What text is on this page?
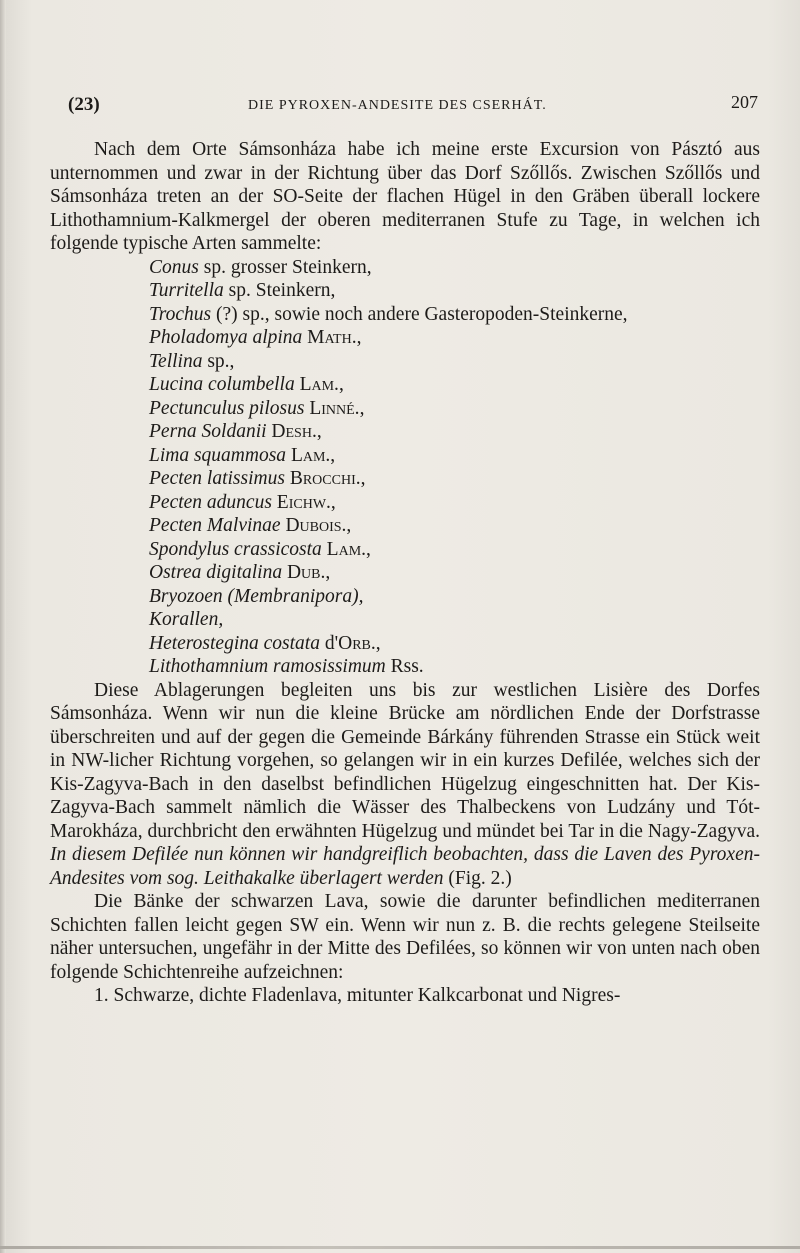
(23)	DIE PYROXEN-ANDESITE DES CSERHÁT.	207

Nach dem Orte Sámsonháza habe ich meine erste Excursion von Pásztó aus unternommen und zwar in der Richtung über das Dorf Szőllős. Zwischen Szőllős und Sámsonháza treten an der SO-Seite der flachen Hügel in den Gräben überall lockere Lithothamnium-Kalkmergel der oberen mediterranen Stufe zu Tage, in welchen ich folgende typische Arten sammelte:

Conus sp. grosser Steinkern,
Turritella sp. Steinkern,
Trochus (?) sp., sowie noch andere Gasteropoden-Steinkerne,
Pholadomya alpina Math.,
Tellina sp.,
Lucina columbella Lam.,
Pectunculus pilosus Linné.,
Perna Soldanii Desh.,
Lima squammosa Lam.,
Pecten latissimus Brocchi.,
Pecten aduncus Eichw.,
Pecten Malvinae Dubois.,
Spondylus crassicosta Lam.,
Ostrea digitalina Dub.,
Bryozoen (Membranipora),
Korallen,
Heterostegina costata d'Orb.,
Lithothamnium ramosissimum Rss.

Diese Ablagerungen begleiten uns bis zur westlichen Lisière des Dorfes Sámsonháza. Wenn wir nun die kleine Brücke am nördlichen Ende der Dorfstrasse überschreiten und auf der gegen die Gemeinde Bárkány führenden Strasse ein Stück weit in NW-licher Richtung vorgehen, so gelangen wir in ein kurzes Defilée, welches sich der Kis-Zagyva-Bach in den daselbst befindlichen Hügelzug eingeschnitten hat. Der Kis-Zagyva-Bach sammelt nämlich die Wässer des Thalbeckens von Ludzány und Tót-Marokháza, durchbricht den erwähnten Hügelzug und mündet bei Tar in die Nagy-Zagyva. In diesem Defilée nun können wir handgreiflich beobachten, dass die Laven des Pyroxen-Andesites vom sog. Leithakalke überlagert werden (Fig. 2.)

Die Bänke der schwarzen Lava, sowie die darunter befindlichen mediterranen Schichten fallen leicht gegen SW ein. Wenn wir nun z. B. die rechts gelegene Steilseite näher untersuchen, ungefähr in der Mitte des Defilées, so können wir von unten nach oben folgende Schichtenreihe aufzeichnen:

1. Schwarze, dichte Fladenlava, mitunter Kalkcarbonat und Nigres-
